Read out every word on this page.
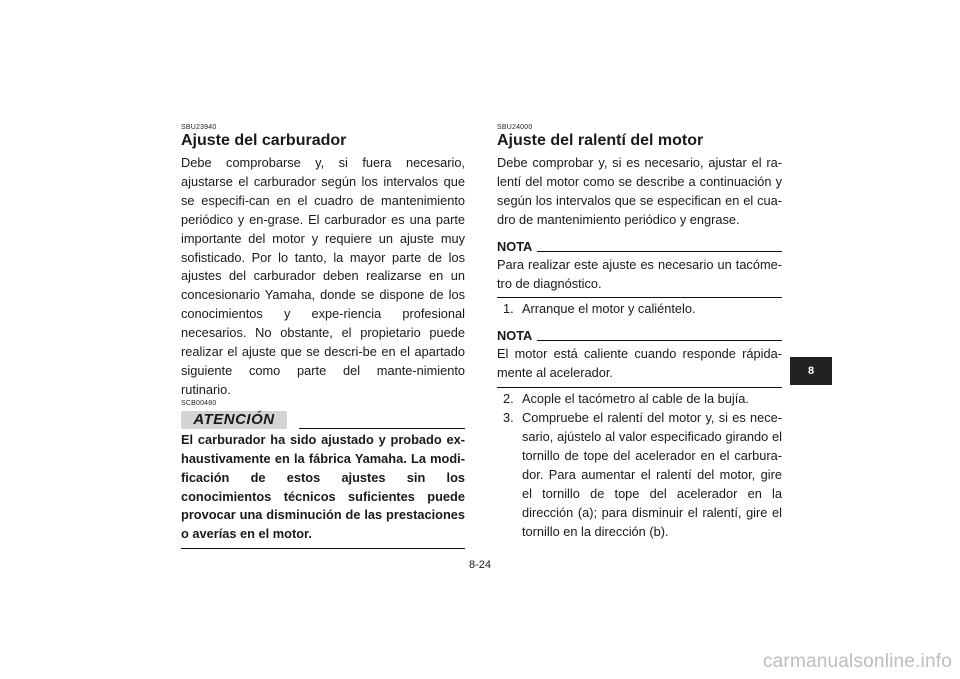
SBU23940
Ajuste del carburador

Debe comprobarse y, si fuera necesario, ajustarse el carburador según los intervalos que se especifi-can en el cuadro de mantenimiento periódico y en-grase. El carburador es una parte importante del motor y requiere un ajuste muy sofisticado. Por lo tanto, la mayor parte de los ajustes del carburador deben realizarse en un concesionario Yamaha, donde se dispone de los conocimientos y expe-riencia profesional necesarios. No obstante, el propietario puede realizar el ajuste que se descri-be en el apartado siguiente como parte del mante-nimiento rutinario.

SCB00480
ATENCIÓN

El carburador ha sido ajustado y probado ex-haustivamente en la fábrica Yamaha. La modi-ficación de estos ajustes sin los conocimientos técnicos suficientes puede provocar una disminución de las prestaciones o averías en el motor.

SBU24000
Ajuste del ralentí del motor

Debe comprobar y, si es necesario, ajustar el ra-lentí del motor como se describe a continuación y según los intervalos que se especifican en el cua-dro de mantenimiento periódico y engrase.

NOTA

Para realizar este ajuste es necesario un tacóme-tro de diagnóstico.

1. Arranque el motor y caliéntelo.
NOTA

El motor está caliente cuando responde rápida-mente al acelerador.

2. Acople el tacómetro al cable de la bujía.
3. Compruebe el ralentí del motor y, si es nece-sario, ajústelo al valor especificado girando el tornillo de tope del acelerador en el carbura-dor. Para aumentar el ralentí del motor, gire el tornillo de tope del acelerador en la dirección (a); para disminuir el ralentí, gire el tornillo en la dirección (b).
8
8-24
carmanualsonline.info
